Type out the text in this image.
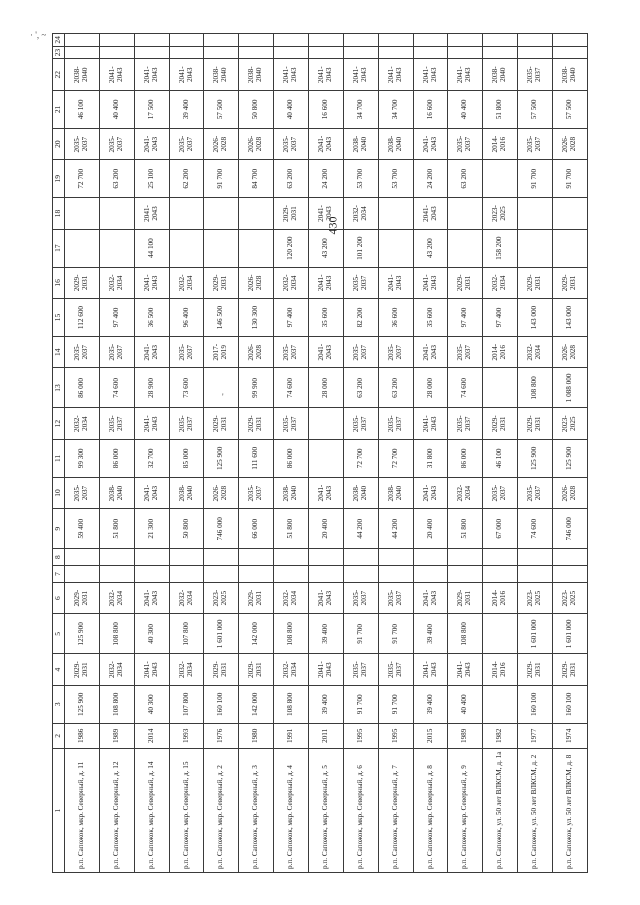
· ', ~
'
430
1	2	3	4	5	6	7	8	9	10	11	12	13	14	15	16	17	18	19	20	21	22	23	24
р.п. Сапожок, мкр. Северный, д. 11	1986	125 900	2029-2031	125 900	2029-2031			59 400	2035-2037	99 300	2032-2034	86 000	2035-2037	112 600	2029-2031			72 700	2035-2037	46 100	2038-2040		
р.п. Сапожок, мкр. Северный, д. 12	1989	108 800	2032-2034	108 800	2032-2034			51 800	2038-2040	86 000	2035-2037	74 600	2035-2037	97 400	2032-2034			63 200	2035-2037	40 400	2041-2043		
р.п. Сапожок, мкр. Северный, д. 14	2014	40 300	2041-2043	40 300	2041-2043			21 300	2041-2043	32 700	2041-2043	28 900	2041-2043	36 500	2041-2043	44 100	2041-2043	25 100	2041-2043	17 500	2041-2043		
р.п. Сапожок, мкр. Северный, д. 15	1993	107 800	2032-2034	107 800	2032-2034			50 800	2038-2040	85 000	2035-2037	73 600	2035-2037	96 400	2032-2034			62 200	2035-2037	39 400	2041-2043		
р.п. Сапожок, мкр. Северный, д. 2	1976	160 100	2029-2031	1 601 000	2023-2025			746 000	2026-2028	125 900	2029-2031		2017-2019	146 500	2029-2031			91 700	2026-2028	57 500	2038-2040		
р.п. Сапожок, мкр. Северный, д. 3	1980	142 000	2029-2031	142 000	2029-2031			66 000	2035-2037	111 600	2029-2031	99 900	2026-2028	130 300	2026-2028			84 700	2026-2028	50 800	2038-2040		
р.п. Сапожок, мкр. Северный, д. 4	1991	108 800	2032-2034	108 800	2032-2034			51 800	2038-2040	86 000	2035-2037	74 600	2035-2037	97 400	2032-2034	120 200	2029-2031	63 200	2035-2037	40 400	2041-2043		
р.п. Сапожок, мкр. Северный, д. 5	2011	39 400	2041-2043	39 400	2041-2043			20 400	2041-2043			28 000	2041-2043	35 600	2041-2043	43 200	2041-2043	24 200	2041-2043	16 600	2041-2043		
р.п. Сапожок, мкр. Северный, д. 6	1995	91 700	2035-2037	91 700	2035-2037			44 200	2038-2040	72 700	2035-2037	63 200	2035-2037	82 200	2035-2037	101 200	2032-2034	53 700	2038-2040	34 700	2041-2043		
р.п. Сапожок, мкр. Северный, д. 7	1995	91 700	2035-2037	91 700	2035-2037			44 200	2038-2040	72 700	2035-2037	63 200	2035-2037	36 600	2041-2043			53 700	2038-2040	34 700	2041-2043		
р.п. Сапожок, мкр. Северный, д. 8	2015	39 400	2041-2043	39 400	2041-2043			20 400	2041-2043	31 800	2041-2043	28 000	2041-2043	35 600	2041-2043	43 200	2041-2043	24 200	2041-2043	16 600	2041-2043		
р.п. Сапожок, мкр. Северный, д. 9	1989	40 400	2041-2043	108 800	2029-2031			51 800	2032-2034	86 000	2035-2037	74 600	2035-2037	97 400	2029-2031			63 200	2035-2037	40 400	2041-2043		
р.п. Сапожок, ул. 50 лет ВЛКСМ, д. 1а	1982		2014-2016		2014-2016			67 000	2035-2037	46 100	2029-2031		2014-2016	97 400	2032-2034	158 200	2023-2025		2014-2016	51 800	2038-2040		
р.п. Сапожок, ул. 50 лет ВЛКСМ, д. 2	1977	160 100	2029-2031	1 601 000	2023-2025			74 600	2035-2037	125 900	2029-2031	108 800	2032-2034	143 000	2029-2031			91 700	2035-2037	57 500	2035-2037		
р.п. Сапожок, ул. 50 лет ВЛКСМ, д. 8	1974	160 100	2029-2031	1 601 000	2023-2025			746 000	2026-2028	125 900	2023-2025	1 088 000	2026-2028	143 000	2029-2031			91 700	2026-2028	57 500	2038-2040		
